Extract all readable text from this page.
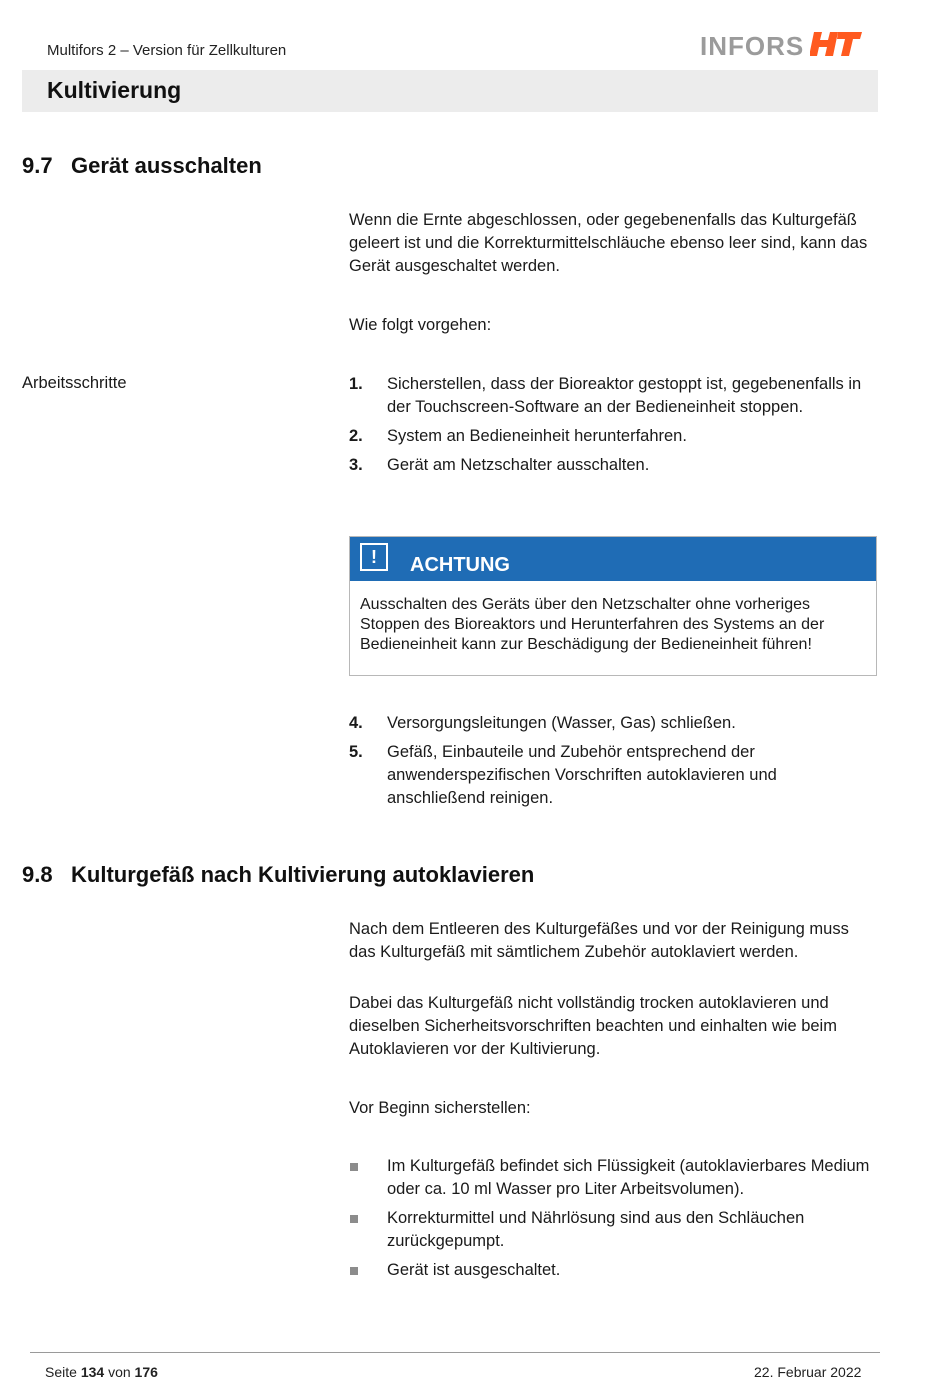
Multifors 2 – Version für Zellkulturen	INFORS
Kultivierung
9.7 Gerät ausschalten
Wenn die Ernte abgeschlossen, oder gegebenenfalls das Kulturgefäß geleert ist und die Korrekturmittelschläuche ebenso leer sind, kann das Gerät ausgeschaltet werden.
Wie folgt vorgehen:
Arbeitsschritte	1.	Sicherstellen, dass der Bioreaktor gestoppt ist, gegebenenfalls in der Touchscreen-Software an der Bedieneinheit stoppen.
2.	System an Bedieneinheit herunterfahren.
3.	Gerät am Netzschalter ausschalten.
!	ACHTUNG
Ausschalten des Geräts über den Netzschalter ohne vorheriges Stoppen des Bioreaktors und Herunterfahren des Systems an der Bedieneinheit kann zur Beschädigung der Bedieneinheit führen!
4.	Versorgungsleitungen (Wasser, Gas) schließen.
5.	Gefäß, Einbauteile und Zubehör entsprechend der anwenderspezifischen Vorschriften autoklavieren und anschließend reinigen.
9.8 Kulturgefäß nach Kultivierung autoklavieren
Nach dem Entleeren des Kulturgefäßes und vor der Reinigung muss das Kulturgefäß mit sämtlichem Zubehör autoklaviert werden.
Dabei das Kulturgefäß nicht vollständig trocken autoklavieren und dieselben Sicherheitsvorschriften beachten und einhalten wie beim Autoklavieren vor der Kultivierung.
Vor Beginn sicherstellen:
Im Kulturgefäß befindet sich Flüssigkeit (autoklavierbares Medium oder ca. 10 ml Wasser pro Liter Arbeitsvolumen).
Korrekturmittel und Nährlösung sind aus den Schläuchen zurückgepumpt.
Gerät ist ausgeschaltet.
Seite 134 von 176	22. Februar 2022
